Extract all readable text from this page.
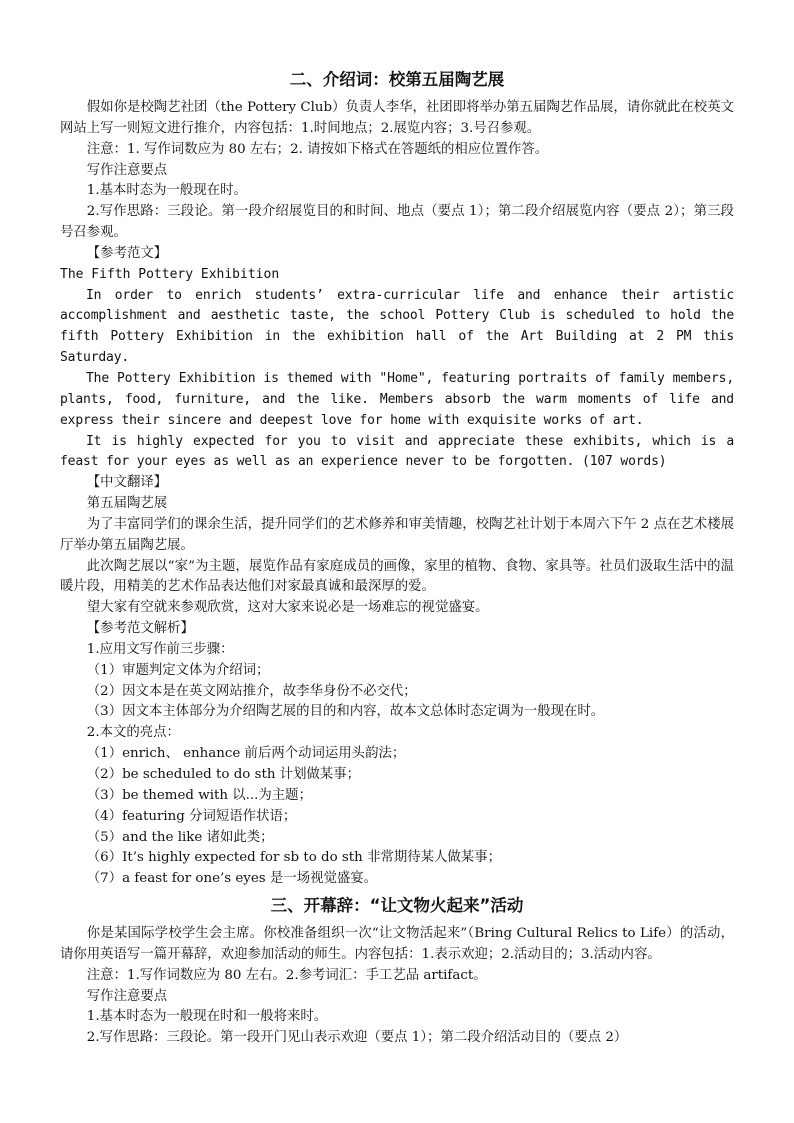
二、介绍词：校第五届陶艺展

假如你是校陶艺社团（the Pottery Club）负责人李华，社团即将举办第五届陶艺作品展，请你就此在校英文网站上写一则短文进行推介，内容包括：1.时间地点；2.展览内容；3.号召参观。

注意：1. 写作词数应为 80 左右；2. 请按如下格式在答题纸的相应位置作答。

写作注意要点

1.基本时态为一般现在时。

2.写作思路：三段论。第一段介绍展览目的和时间、地点（要点 1）；第二段介绍展览内容（要点 2）；第三段号召参观。

【参考范文】

The Fifth Pottery Exhibition

In order to enrich students’ extra-curricular life and enhance their artistic accomplishment and aesthetic taste, the school Pottery Club is scheduled to hold the fifth Pottery Exhibition in the exhibition hall of the Art Building at 2 PM this Saturday.

The Pottery Exhibition is themed with "Home", featuring portraits of family members, plants, food, furniture, and the like. Members absorb the warm moments of life and express their sincere and deepest love for home with exquisite works of art.

It is highly expected for you to visit and appreciate these exhibits, which is a feast for your eyes as well as an experience never to be forgotten. (107 words)

【中文翻译】

第五届陶艺展

为了丰富同学们的课余生活，提升同学们的艺术修养和审美情趣，校陶艺社计划于本周六下午 2 点在艺术楼展厅举办第五届陶艺展。

此次陶艺展以“家”为主题，展览作品有家庭成员的画像，家里的植物、食物、家具等。社员们汲取生活中的温暖片段，用精美的艺术作品表达他们对家最真诚和最深厚的爱。

望大家有空就来参观欣赏，这对大家来说必是一场难忘的视觉盛宴。

【参考范文解析】

1.应用文写作前三步骤：

（1）审题判定文体为介绍词；

（2）因文本是在英文网站推介，故李华身份不必交代；

（3）因文本主体部分为介绍陶艺展的目的和内容，故本文总体时态定调为一般现在时。

2.本文的亮点：

（1）enrich、 enhance 前后两个动词运用头韵法；

（2）be scheduled to do sth 计划做某事；

（3）be themed with 以...为主题；

（4）featuring 分词短语作状语；

（5）and the like 诸如此类；

（6）It’s highly expected for sb to do sth 非常期待某人做某事；

（7）a feast for one’s eyes 是一场视觉盛宴。

三、开幕辞：“让文物火起来”活动

你是某国际学校学生会主席。你校准备组织一次“让文物活起来”（Bring Cultural Relics to Life）的活动，请你用英语写一篇开幕辞，欢迎参加活动的师生。内容包括：1.表示欢迎；2.活动目的；3.活动内容。

注意：1.写作词数应为 80 左右。2.参考词汇：手工艺品 artifact。

写作注意要点

1.基本时态为一般现在时和一般将来时。

2.写作思路：三段论。第一段开门见山表示欢迎（要点 1）；第二段介绍活动目的（要点 2）
